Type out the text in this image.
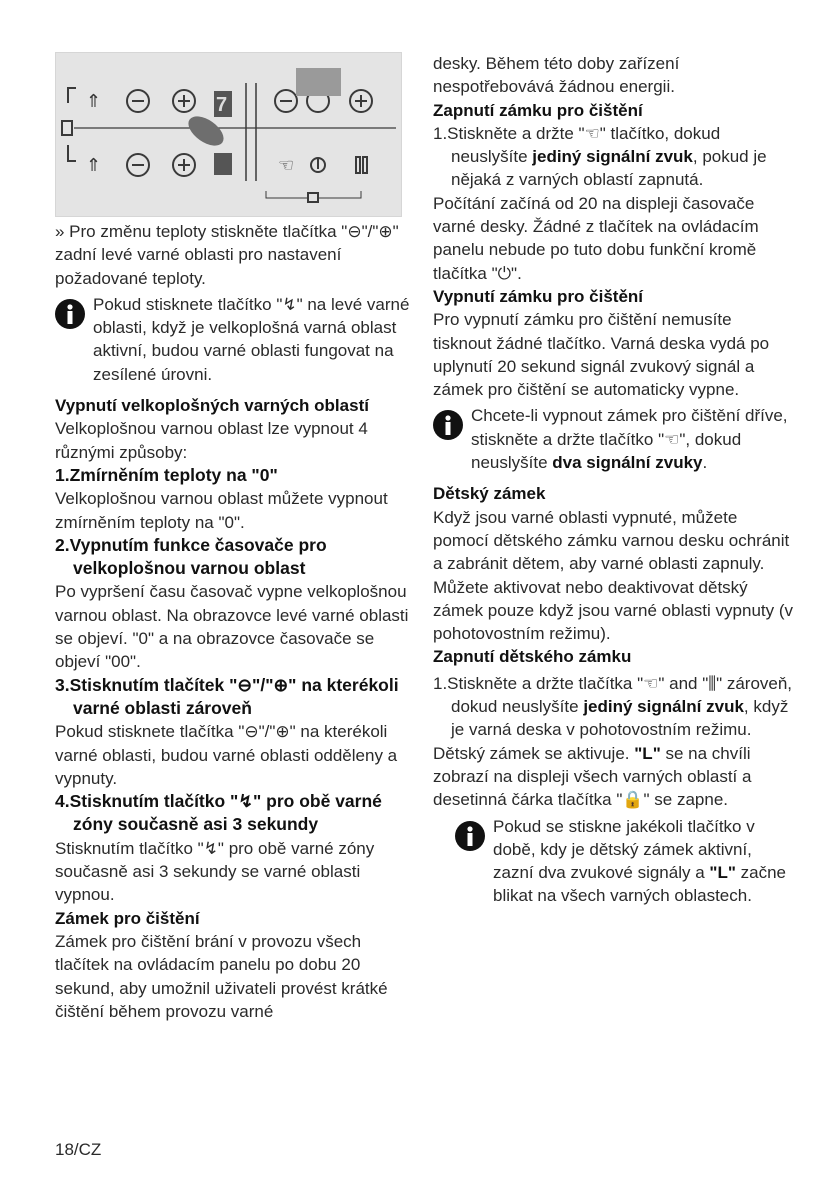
7
⇑
⇑	☜

» Pro změnu teploty stiskněte tlačítka "⊖"/"⊕" zadní levé varné oblasti pro nastavení požadované teploty.

Pokud stisknete tlačítko "↯" na levé varné oblasti, když je velkoplošná varná oblast aktivní, budou varné oblasti fungovat na zesílené úrovni.

Vypnutí velkoplošných varných oblastí

Velkoplošnou varnou oblast lze vypnout 4 různými způsoby:

1.Zmírněním teploty na "0"

Velkoplošnou varnou oblast můžete vypnout zmírněním teploty na "0".

2.Vypnutím funkce časovače pro velkoplošnou varnou oblast

Po vypršení času časovač vypne velkoplošnou varnou oblast. Na obrazovce levé varné oblasti se objeví. "0" a na obrazovce časovače se objeví "00".

3.Stisknutím tlačítek "⊖"/"⊕" na kterékoli varné oblasti zároveň

Pokud stisknete tlačítka "⊖"/"⊕" na kterékoli varné oblasti, budou varné oblasti odděleny a vypnuty.

4.Stisknutím tlačítko "↯" pro obě varné zóny současně asi 3 sekundy

Stisknutím tlačítko "↯" pro obě varné zóny současně asi 3 sekundy se varné oblasti vypnou.

Zámek pro čištění

Zámek pro čištění brání v provozu všech tlačítek na ovládacím panelu po dobu 20 sekund, aby umožnil uživateli provést krátké čištění během provozu varné

desky. Během této doby zařízení nespotřebovává žádnou energii.

Zapnutí zámku pro čištění

1.Stiskněte a držte "☜" tlačítko, dokud neuslyšíte jediný signální zvuk, pokud je nějaká z varných oblastí zapnutá.

Počítání začíná od 20 na displeji časovače varné desky. Žádné z tlačítek na ovládacím panelu nebude po tuto dobu funkční kromě tlačítka "⏻".

Vypnutí zámku pro čištění

Pro vypnutí zámku pro čištění nemusíte tisknout žádné tlačítko. Varná deska vydá po uplynutí 20 sekund signál zvukový signál a zámek pro čištění se automaticky vypne.

Chcete-li vypnout zámek pro čištění dříve, stiskněte a držte tlačítko "☜", dokud neuslyšíte dva signální zvuky.

Dětský zámek

Když jsou varné oblasti vypnuté, můžete pomocí dětského zámku varnou desku ochránit a zabránit dětem, aby varné oblasti zapnuly. Můžete aktivovat nebo deaktivovat dětský zámek pouze když jsou varné oblasti vypnuty (v pohotovostním režimu).

Zapnutí dětského zámku

1.Stiskněte a držte tlačítka "☜" and "⫼" zároveň, dokud neuslyšíte jediný signální zvuk, když je varná deska v pohotovostním režimu.

Dětský zámek se aktivuje. "L" se na chvíli zobrazí na displeji všech varných oblastí a desetinná čárka tlačítka "🔒" se zapne.

Pokud se stiskne jakékoli tlačítko v době, kdy je dětský zámek aktivní, zazní dva zvukové signály a "L" začne blikat na všech varných oblastech.

18/CZ
